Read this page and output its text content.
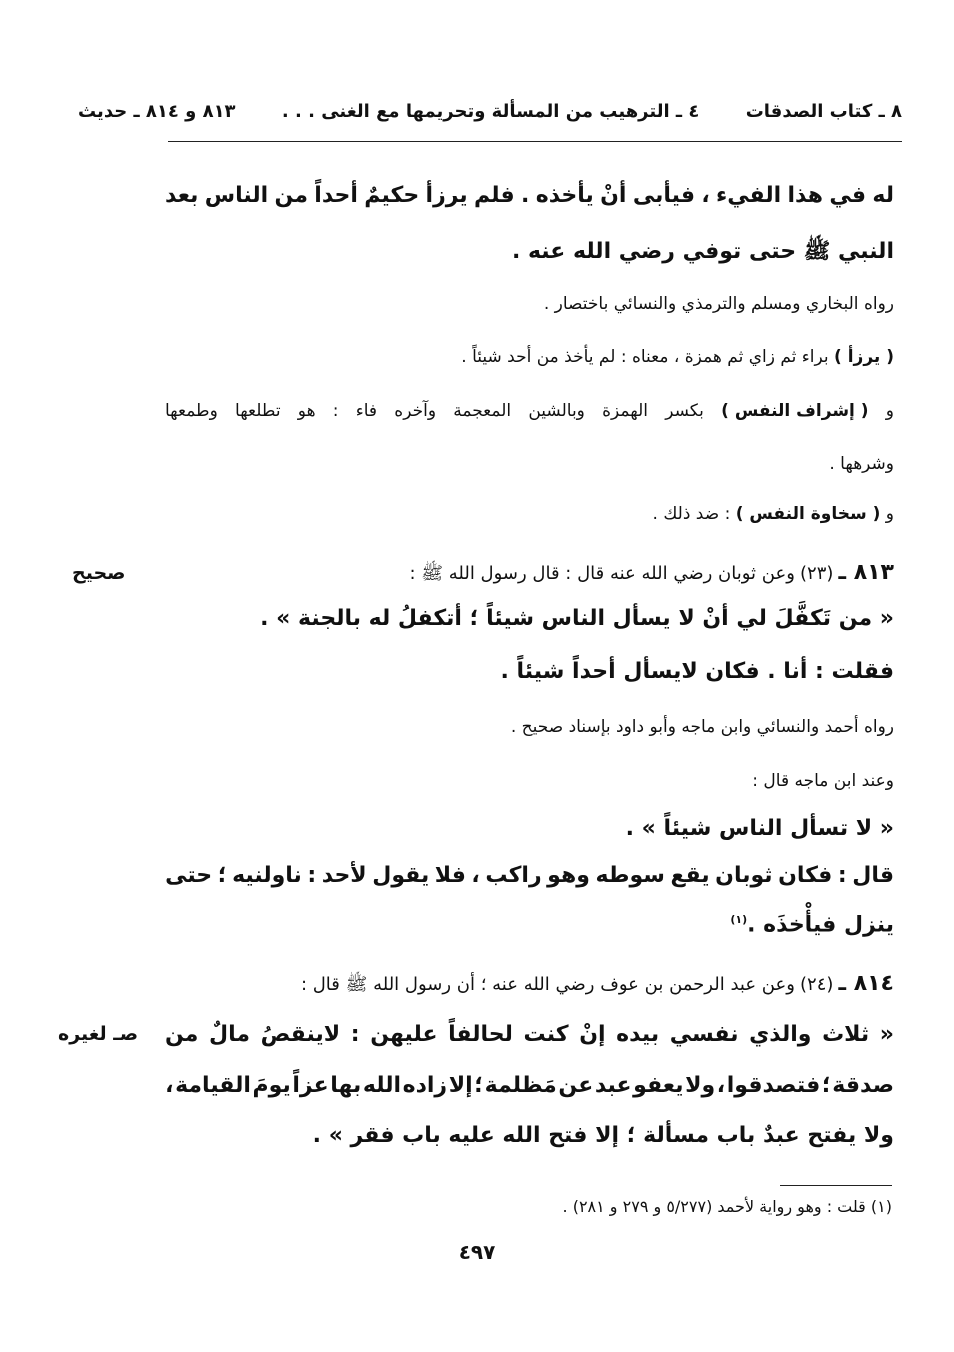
٨ ـ كتاب الصدقات
٤ ـ الترهيب من المسألة وتحريمها مع الغنى . . .
٨١٣ و ٨١٤ ـ حديث
له
في
هذا
الفيء
،
فيأبى
أنْ
يأخذه
.
فلم
يرزأ
حكيمٌ
أحداً
من
الناس
بعد
النبي ﷺ حتى توفي رضي الله عنه .
رواه البخاري ومسلم والترمذي والنسائي باختصار .
( يرزأ ) براء ثم زاي ثم همزة ، معناه : لم يأخذ من أحد شيئاً .
و
( إشراف النفس )
بكسر
الهمزة
وبالشين
المعجمة
وآخره
فاء
:
هو
تطلعها
وطمعها
وشرهها .
و ( سخاوة النفس ) : ضد ذلك .
٨١٣ ـ (٢٣) وعن ثوبان رضي الله عنه قال : قال رسول الله ﷺ :
صحيح
« من تَكفَّلَ لي أنْ لا يسأل الناس شيئاً ؛ أتكفلُ له بالجنة » .
فقلت : أنا . فكان لايسأل أحداً شيئاً .
رواه أحمد والنسائي وابن ماجه وأبو داود بإسناد صحيح .
وعند ابن ماجه قال :
« لا تسأل الناس شيئاً » .
قال
:
فكان
ثوبان
يقع
سوطه
وهو
راكب
،
فلا
يقول
لأحد
:
ناولنيه
؛
حتى
ينزل فيأْخذَه .$^{(١)}$
٨١٤ ـ (٢٤) وعن عبد الرحمن بن عوف رضي الله عنه ؛ أن رسول الله ﷺ قال :
«
ثلاث
والذي
نفسي
بيده
إنْ
كنت
لحالفاً
عليهن
:
لاينقصُ
مالٌ
من
صـ لغيره
صدقة
؛
فتصدقوا
،
ولا
يعفو
عبد
عن
مَظلمة
؛
إلا
زاده
الله
بها
عزاً
يومَ
القيامة
،
ولا يفتح عبدٌ باب مسألة ؛ إلا فتح الله عليه باب فقر » .
(١) قلت : وهو رواية لأحمد (٥/٢٧٧ و ٢٧٩ و ٢٨١) .
٤٩٧
